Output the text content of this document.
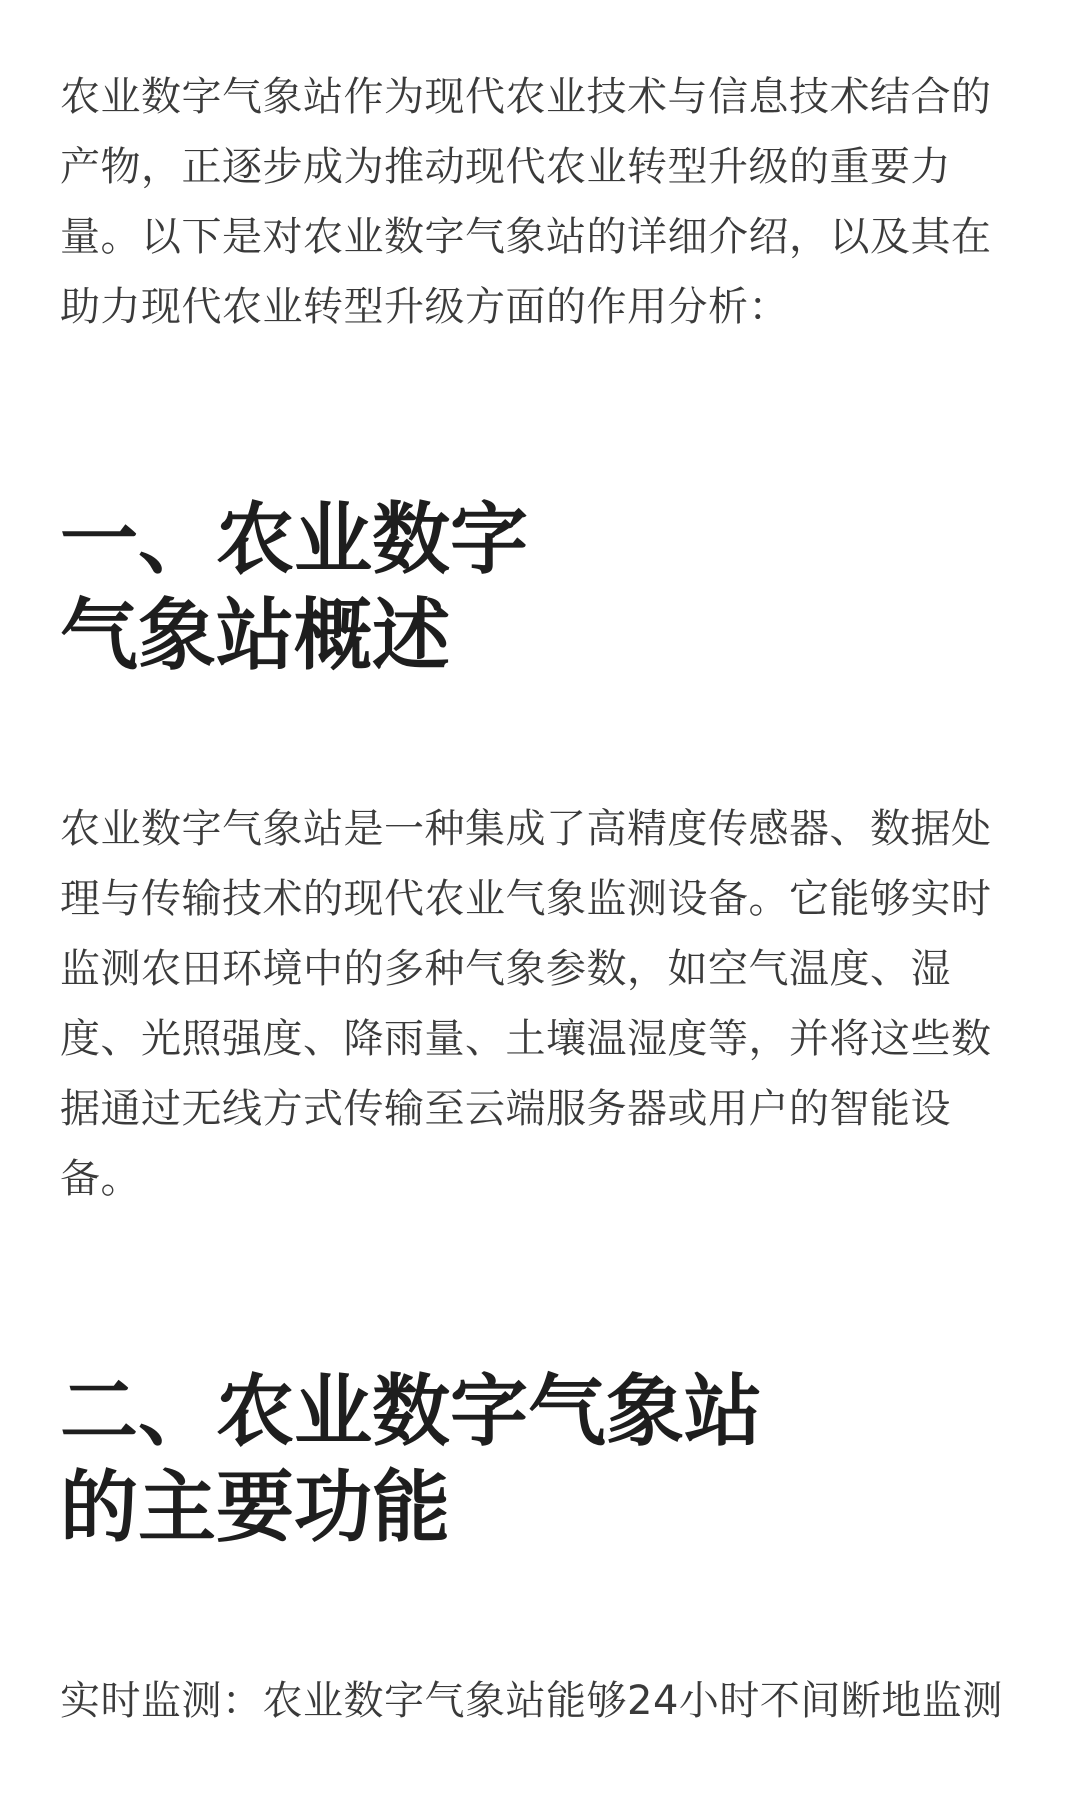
农业数字气象站作为现代农业技术与信息技术结合的产物，正逐步成为推动现代农业转型升级的重要力量。以下是对农业数字气象站的详细介绍，以及其在助力现代农业转型升级方面的作用分析：

一、农业数字
气象站概述

农业数字气象站是一种集成了高精度传感器、数据处理与传输技术的现代农业气象监测设备。它能够实时监测农田环境中的多种气象参数，如空气温度、湿度、光照强度、降雨量、土壤温湿度等，并将这些数据通过无线方式传输至云端服务器或用户的智能设备。

二、农业数字气象站
的主要功能

实时监测：农业数字气象站能够24小时不间断地监测
